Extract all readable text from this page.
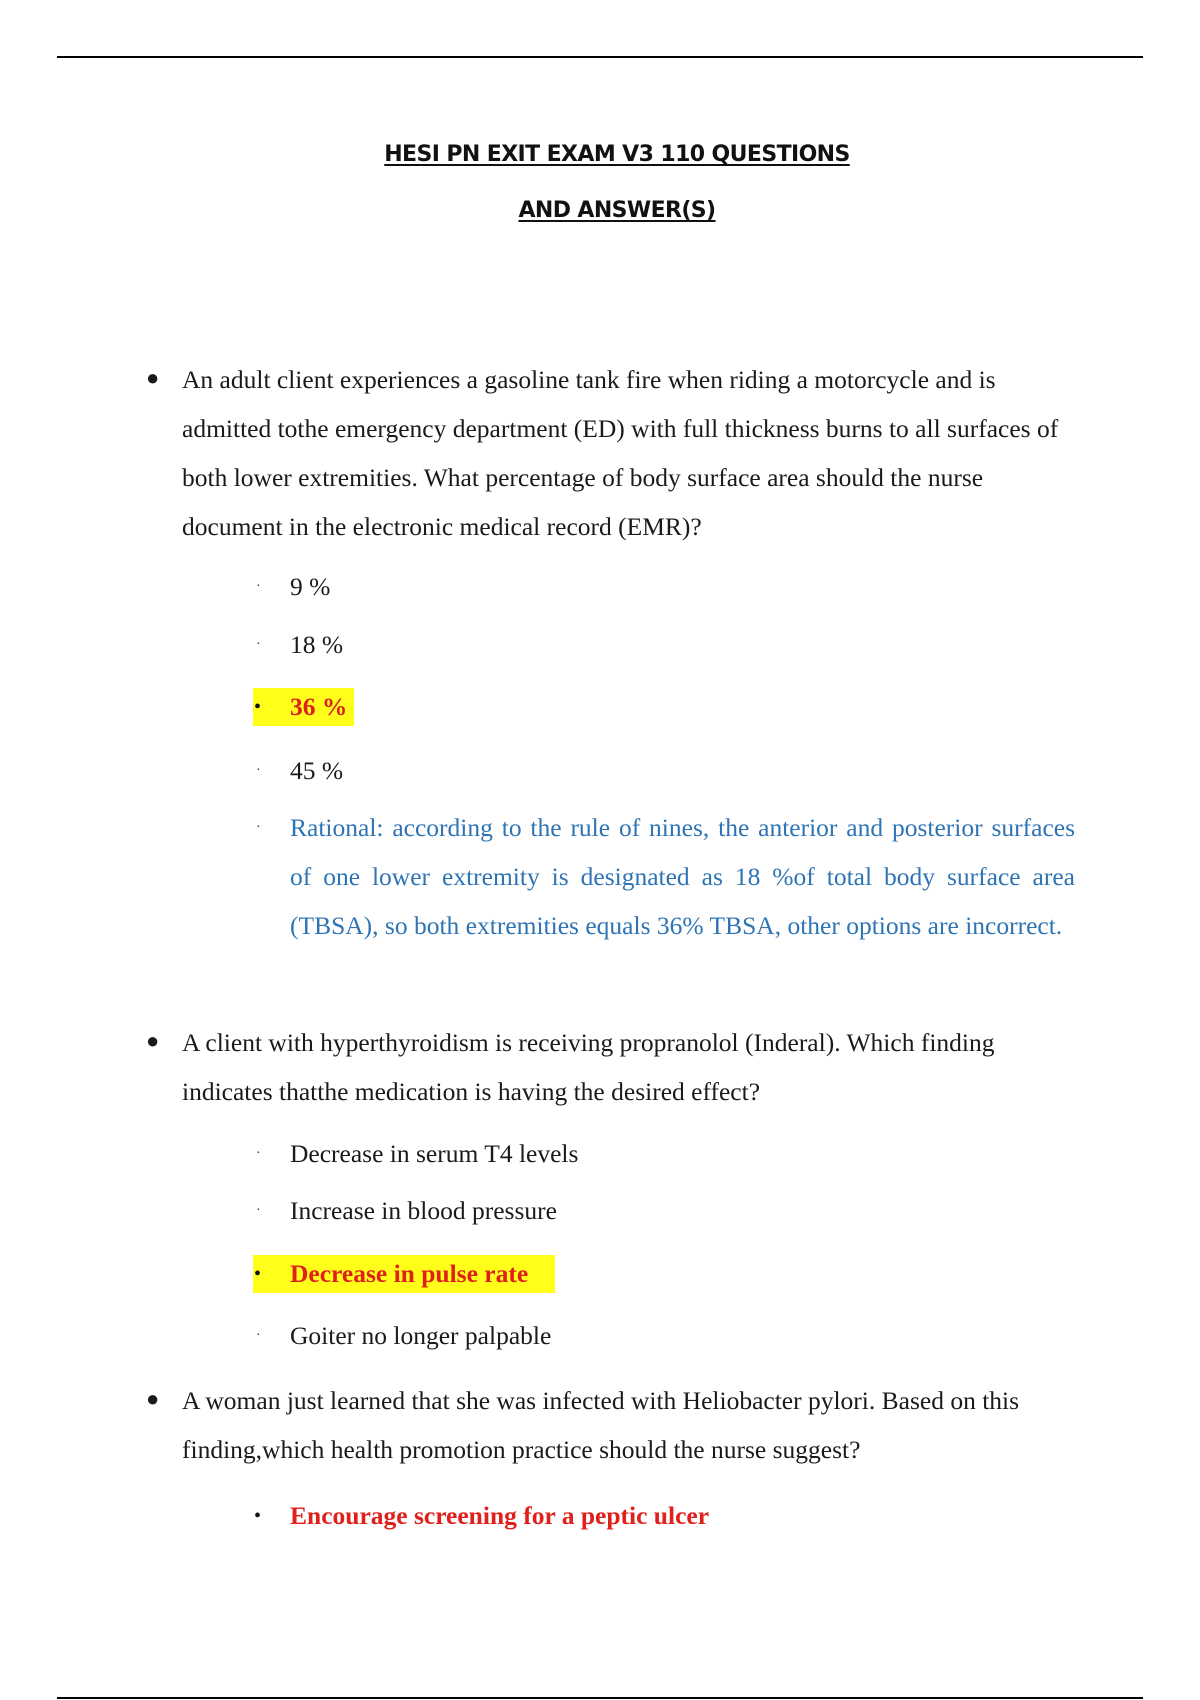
HESI PN EXIT EXAM V3 110 QUESTIONS
AND ANSWER(S)
● An adult client experiences a gasoline tank fire when riding a motorcycle and is admitted tothe emergency department (ED) with full thickness burns to all surfaces of both lower extremities. What percentage of body surface area should the nurse document in the electronic medical record (EMR)?
· 9 %
· 18 %
• 36 %
· 45 %
· Rational: according to the rule of nines, the anterior and posterior surfaces of one lower extremity is designated as 18 %of total body surface area (TBSA), so both extremities equals 36% TBSA, other options are incorrect.
● A client with hyperthyroidism is receiving propranolol (Inderal). Which finding indicates thatthe medication is having the desired effect?
· Decrease in serum T4 levels
· Increase in blood pressure
• Decrease in pulse rate
· Goiter no longer palpable
● A woman just learned that she was infected with Heliobacter pylori. Based on this finding,which health promotion practice should the nurse suggest?
• Encourage screening for a peptic ulcer
